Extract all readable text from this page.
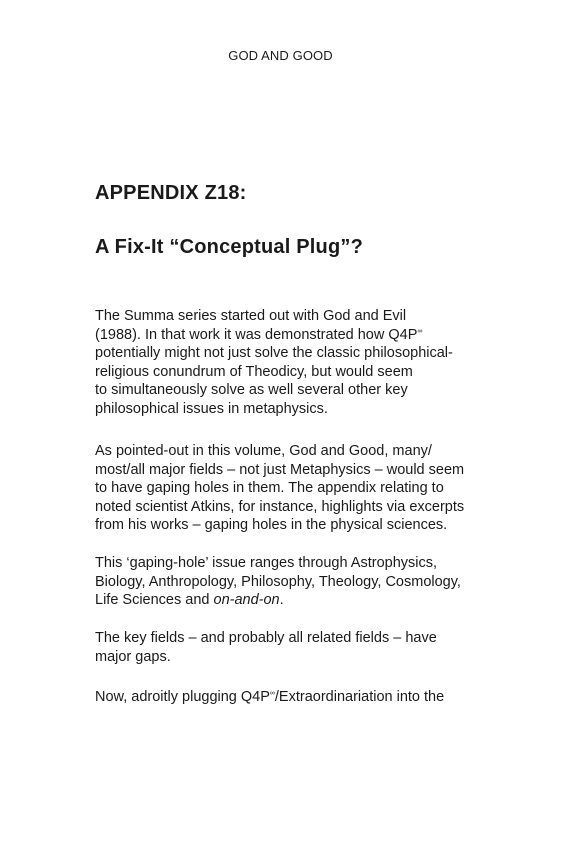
GOD AND GOOD
APPENDIX Z18:
A Fix-It “Conceptual Plug”?
The Summa series started out with God and Evil
(1988). In that work it was demonstrated how Q4P∞
potentially might not just solve the classic philosophical-
religious conundrum of Theodicy, but would seem
to simultaneously solve as well several other key
philosophical issues in metaphysics.
As pointed-out in this volume, God and Good, many/
most/all major fields – not just Metaphysics – would seem
to have gaping holes in them. The appendix relating to
noted scientist Atkins, for instance, highlights via excerpts
from his works – gaping holes in the physical sciences.
This ‘gaping-hole’ issue ranges through Astrophysics,
Biology, Anthropology, Philosophy, Theology, Cosmology,
Life Sciences and on-and-on.
The key fields – and probably all related fields – have
major gaps.
Now, adroitly plugging Q4P∞/Extraordinariation into the
